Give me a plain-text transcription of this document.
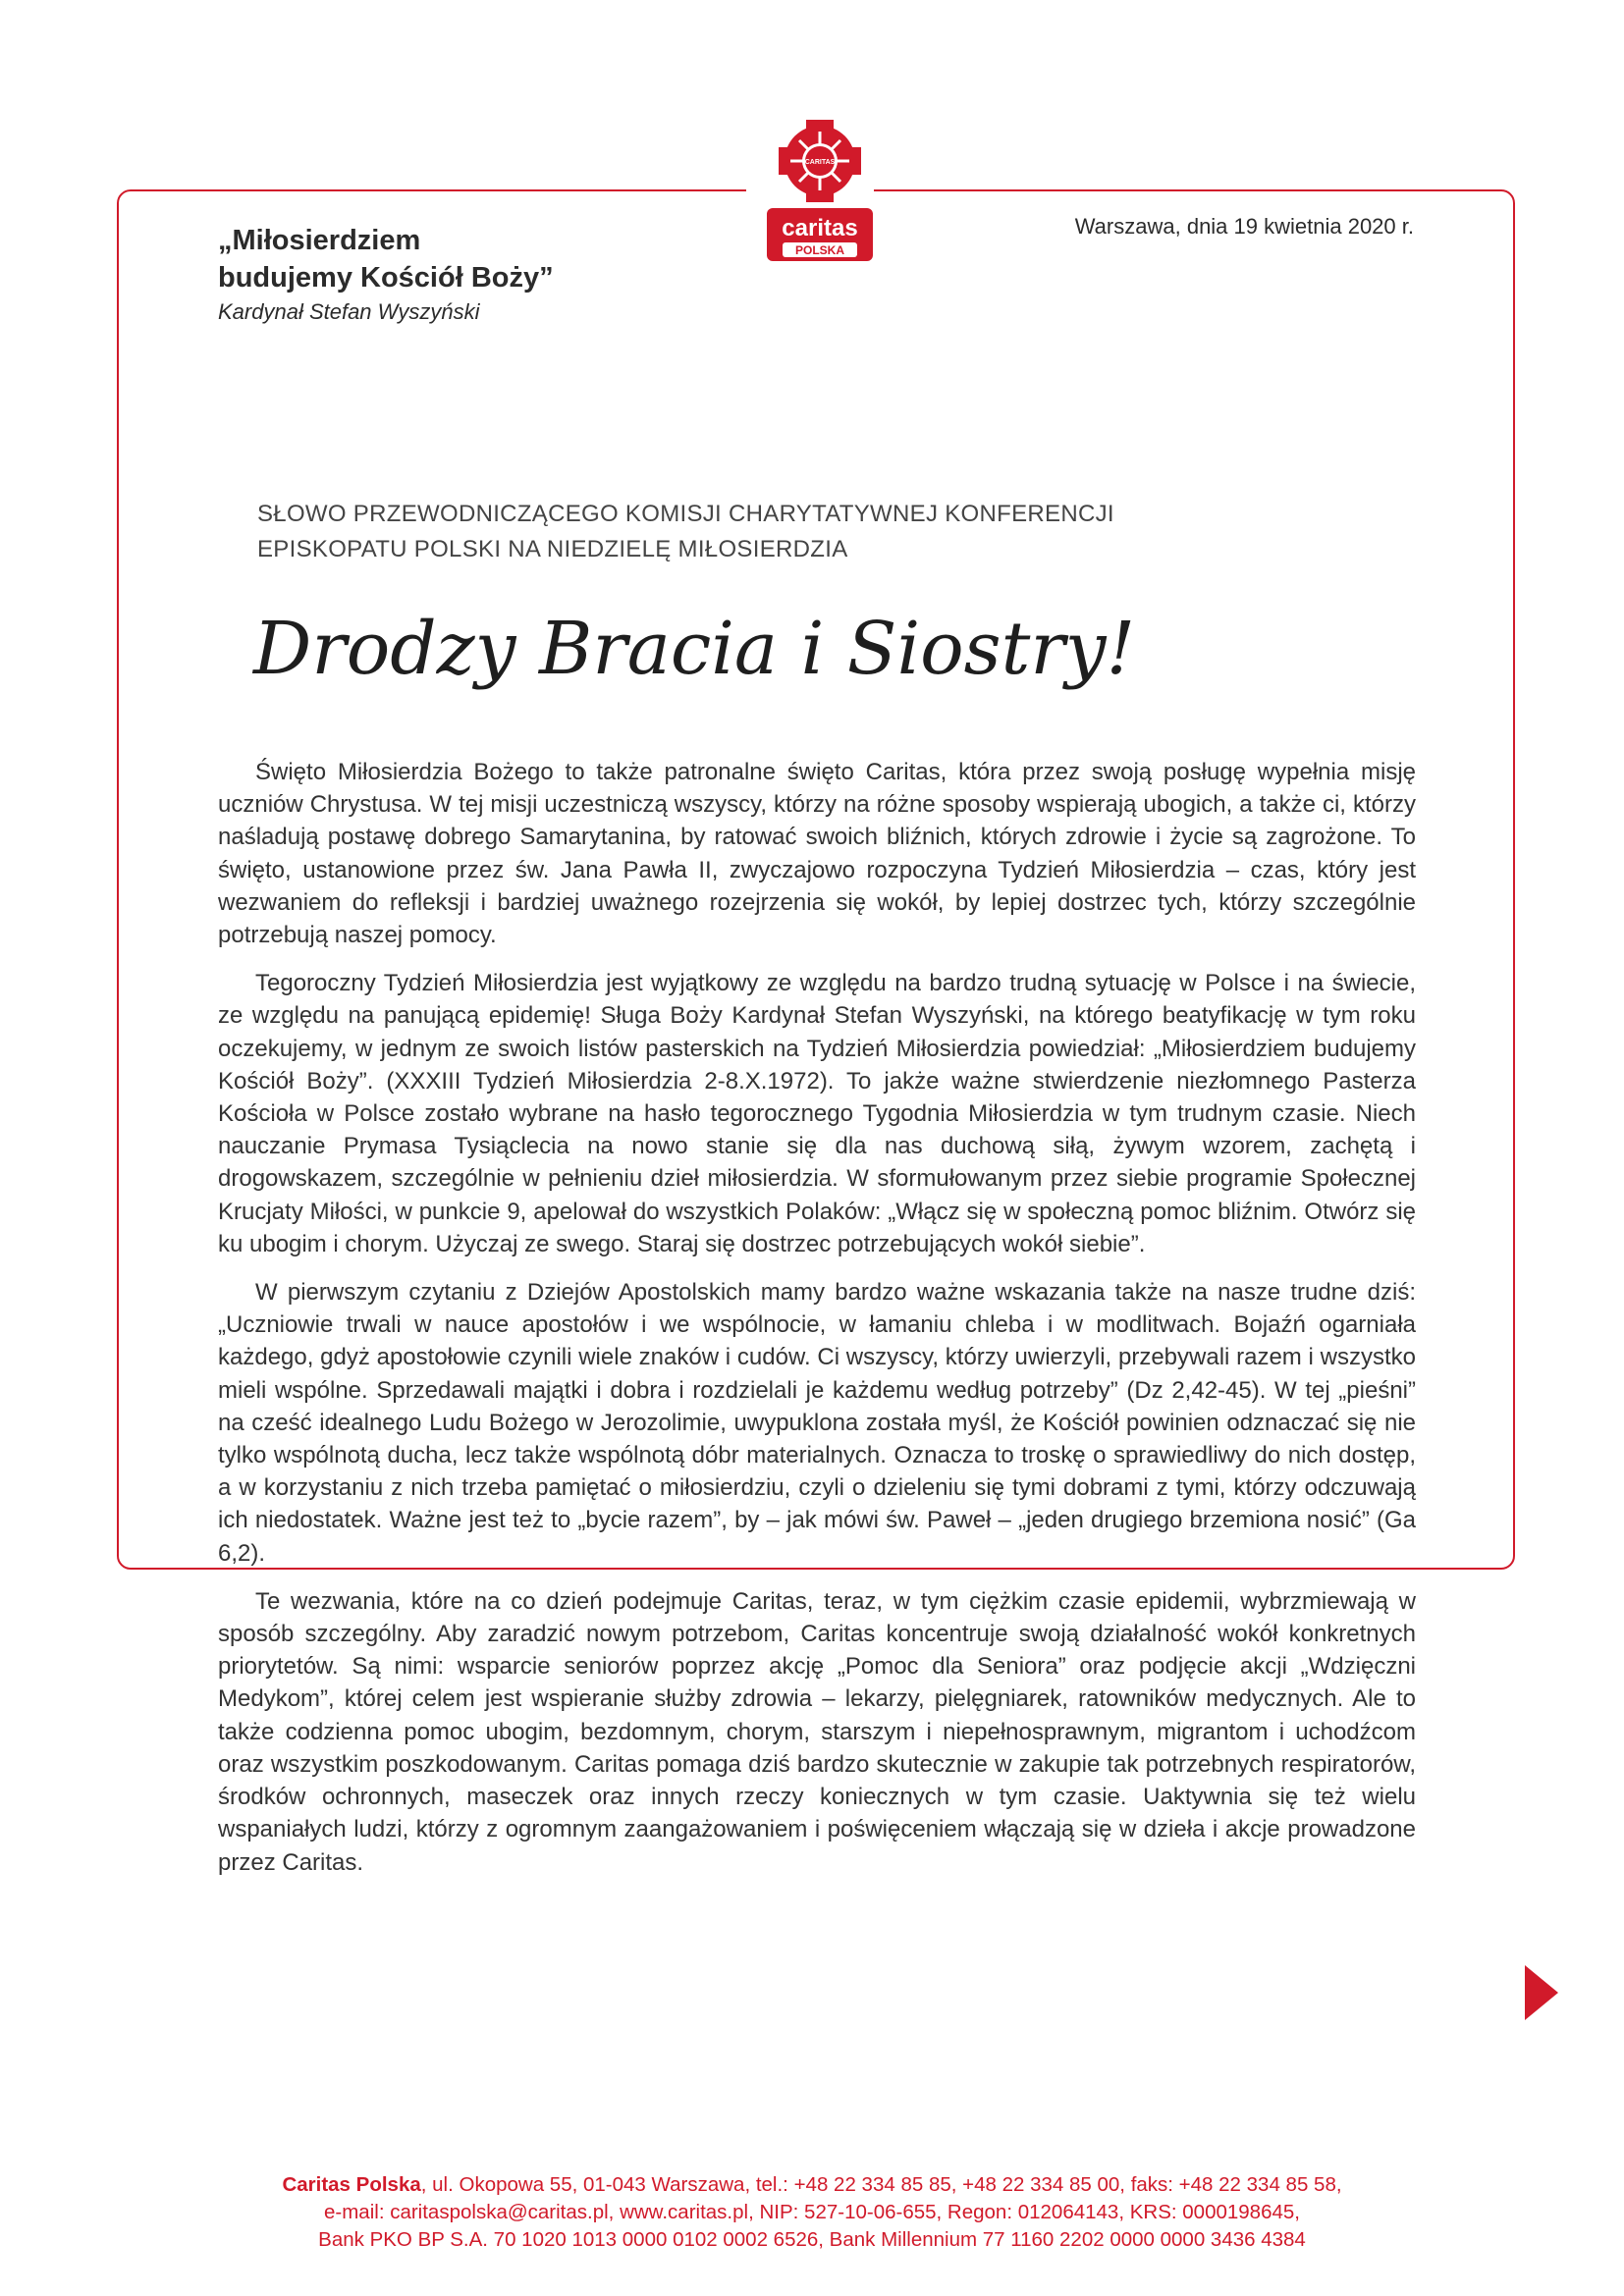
CARITAS
caritas
POLSKA

„Miłosierdziem

budujemy Kościół Boży”

Kardynał Stefan Wyszyński

Warszawa, dnia 19 kwietnia 2020 r.
SŁOWO PRZEWODNICZĄCEGO KOMISJI CHARYTATYWNEJ KONFERENCJI
EPISKOPATU POLSKI NA NIEDZIELĘ MIŁOSIERDZIA
Drodzy Bracia i Siostry!

Święto Miłosierdzia Bożego to także patronalne święto Caritas, która przez swoją posługę wypełnia misję uczniów Chrystusa. W tej misji uczestniczą wszyscy, którzy na różne sposoby wspierają ubogich, a także ci, którzy naśladują postawę dobrego Samarytanina, by ratować swoich bliźnich, których zdrowie i życie są zagrożone. To święto, ustanowione przez św. Jana Pawła II, zwyczajowo rozpoczyna Tydzień Miłosierdzia – czas, który jest wezwaniem do refleksji i bardziej uważnego rozejrzenia się wokół, by lepiej dostrzec tych, którzy szczególnie potrzebują naszej pomocy.

Tegoroczny Tydzień Miłosierdzia jest wyjątkowy ze względu na bardzo trudną sytuację w Polsce i na świecie, ze względu na panującą epidemię! Sługa Boży Kardynał Stefan Wyszyński, na którego beatyfikację w tym roku oczekujemy, w jednym ze swoich listów pasterskich na Tydzień Miłosierdzia powiedział: „Miłosierdziem budujemy Kościół Boży”. (XXXIII Tydzień Miłosierdzia 2-8.X.1972). To jakże ważne stwierdzenie niezłomnego Pasterza Kościoła w Polsce zostało wybrane na hasło tegorocznego Tygodnia Miłosierdzia w tym trudnym czasie. Niech nauczanie Prymasa Tysiąclecia na nowo stanie się dla nas duchową siłą, żywym wzorem, zachętą i drogowskazem, szczególnie w pełnieniu dzieł miłosierdzia. W sformułowanym przez siebie programie Społecznej Krucjaty Miłości, w punkcie 9, apelował do wszystkich Polaków: „Włącz się w społeczną pomoc bliźnim. Otwórz się ku ubogim i chorym. Użyczaj ze swego. Staraj się dostrzec potrzebujących wokół siebie”.

W pierwszym czytaniu z Dziejów Apostolskich mamy bardzo ważne wskazania także na nasze trudne dziś: „Uczniowie trwali w nauce apostołów i we wspólnocie, w łamaniu chleba i w modlitwach. Bojaźń ogarniała każdego, gdyż apostołowie czynili wiele znaków i cudów. Ci wszyscy, którzy uwierzyli, przebywali razem i wszystko mieli wspólne. Sprzedawali majątki i dobra i rozdzielali je każdemu według potrzeby” (Dz 2,42-45). W tej „pieśni” na cześć idealnego Ludu Bożego w Jerozolimie, uwypuklona została myśl, że Kościół powinien odznaczać się nie tylko wspólnotą ducha, lecz także wspólnotą dóbr materialnych. Oznacza to troskę o sprawiedliwy do nich dostęp, a w korzystaniu z nich trzeba pamiętać o miłosierdziu, czyli o dzieleniu się tymi dobrami z tymi, którzy odczuwają ich niedostatek. Ważne jest też to „bycie razem”, by – jak mówi św. Paweł – „jeden drugiego brzemiona nosić” (Ga 6,2).

Te wezwania, które na co dzień podejmuje Caritas, teraz, w tym ciężkim czasie epidemii, wybrzmiewają w sposób szczególny. Aby zaradzić nowym potrzebom, Caritas koncentruje swoją działalność wokół konkretnych priorytetów. Są nimi: wsparcie seniorów poprzez akcję „Pomoc dla Seniora” oraz podjęcie akcji „Wdzięczni Medykom”, której celem jest wspieranie służby zdrowia – lekarzy, pielęgniarek, ratowników medycznych. Ale to także codzienna pomoc ubogim, bezdomnym, chorym, starszym i niepełnosprawnym, migrantom i uchodźcom oraz wszystkim poszkodowanym. Caritas pomaga dziś bardzo skutecznie w zakupie tak potrzebnych respiratorów, środków ochronnych, maseczek oraz innych rzeczy koniecznych w tym czasie. Uaktywnia się też wielu wspaniałych ludzi, którzy z ogromnym zaangażowaniem i poświęceniem włączają się w dzieła i akcje prowadzone przez Caritas.

Caritas Polska, ul. Okopowa 55, 01-043 Warszawa, tel.: +48 22 334 85 85, +48 22 334 85 00, faks: +48 22 334 85 58,
e-mail: caritaspolska@caritas.pl, www.caritas.pl, NIP: 527-10-06-655, Regon: 012064143, KRS: 0000198645,
Bank PKO BP S.A. 70 1020 1013 0000 0102 0002 6526, Bank Millennium 77 1160 2202 0000 0000 3436 4384
